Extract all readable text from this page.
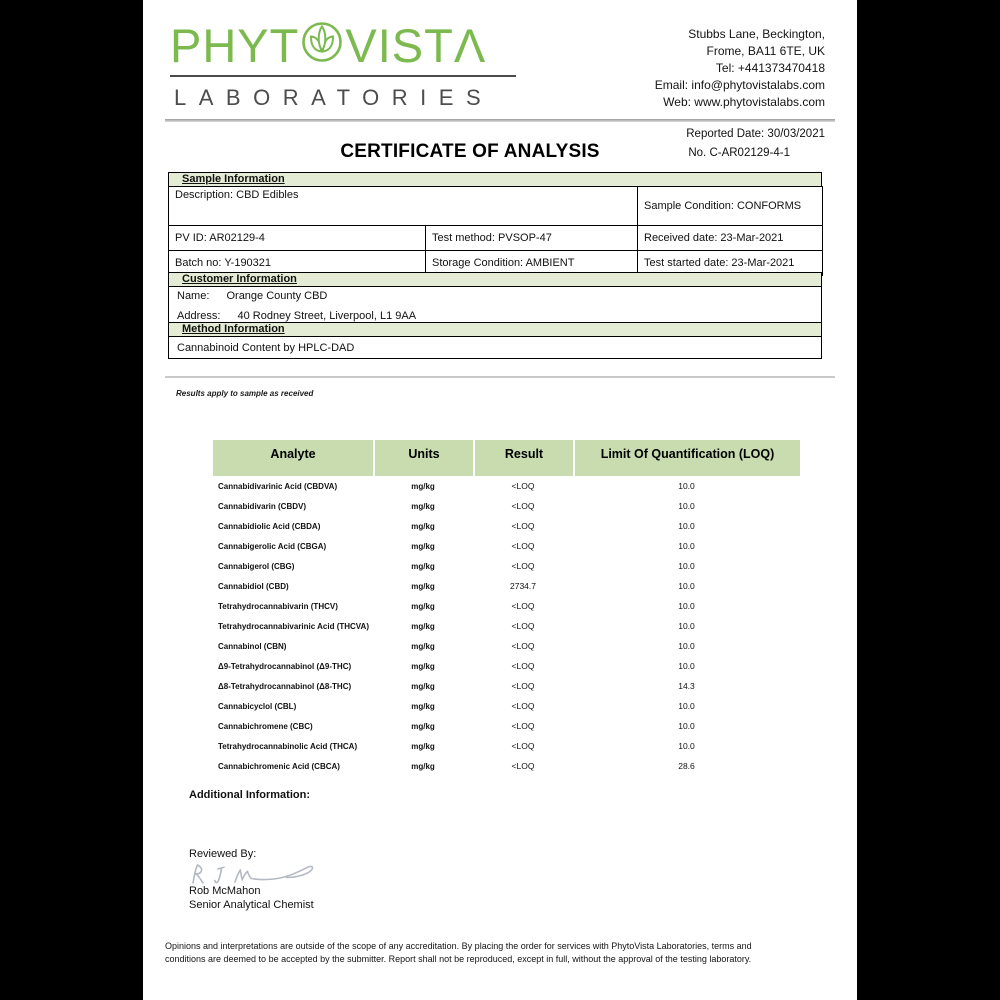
PHYT VIST Λ
LABORATORIES
Stubbs Lane, Beckington,
Frome, BA11 6TE, UK
Tel: +441373470418
Email: info@phytovistalabs.com
Web: www.phytovistalabs.com
Reported Date: 30/03/2021
CERTIFICATE OF ANALYSIS	No. C-AR02129-4-1
Sample Information
Description: CBD Edibles		Sample Condition: CONFORMS
PV ID: AR02129-4	Test method: PVSOP-47	Received date: 23-Mar-2021
Batch no: Y-190321	Storage Condition: AMBIENT	Test started date: 23-Mar-2021
Customer Information
Name: Orange County CBD
Address: 40 Rodney Street, Liverpool, L1 9AA
Method Information
Cannabinoid Content by HPLC-DAD
Results apply to sample as received
Analyte	Units	Result	Limit Of Quantification (LOQ)
Cannabidivarinic Acid (CBDVA)	mg/kg	<LOQ	10.0
Cannabidivarin (CBDV)	mg/kg	<LOQ	10.0
Cannabidiolic Acid (CBDA)	mg/kg	<LOQ	10.0
Cannabigerolic Acid (CBGA)	mg/kg	<LOQ	10.0
Cannabigerol (CBG)	mg/kg	<LOQ	10.0
Cannabidiol (CBD)	mg/kg	2734.7	10.0
Tetrahydrocannabivarin (THCV)	mg/kg	<LOQ	10.0
Tetrahydrocannabivarinic Acid (THCVA)	mg/kg	<LOQ	10.0
Cannabinol (CBN)	mg/kg	<LOQ	10.0
Δ9-Tetrahydrocannabinol (Δ9-THC)	mg/kg	<LOQ	10.0
Δ8-Tetrahydrocannabinol (Δ8-THC)	mg/kg	<LOQ	14.3
Cannabicyclol (CBL)	mg/kg	<LOQ	10.0
Cannabichromene (CBC)	mg/kg	<LOQ	10.0
Tetrahydrocannabinolic Acid (THCA)	mg/kg	<LOQ	10.0
Cannabichromenic Acid (CBCA)	mg/kg	<LOQ	28.6
Additional Information:
Reviewed By:
Rob McMahon
Senior Analytical Chemist
Opinions and interpretations are outside of the scope of any accreditation. By placing the order for services with PhytoVista Laboratories, terms and conditions are deemed to be accepted by the submitter. Report shall not be reproduced, except in full, without the approval of the testing laboratory.
